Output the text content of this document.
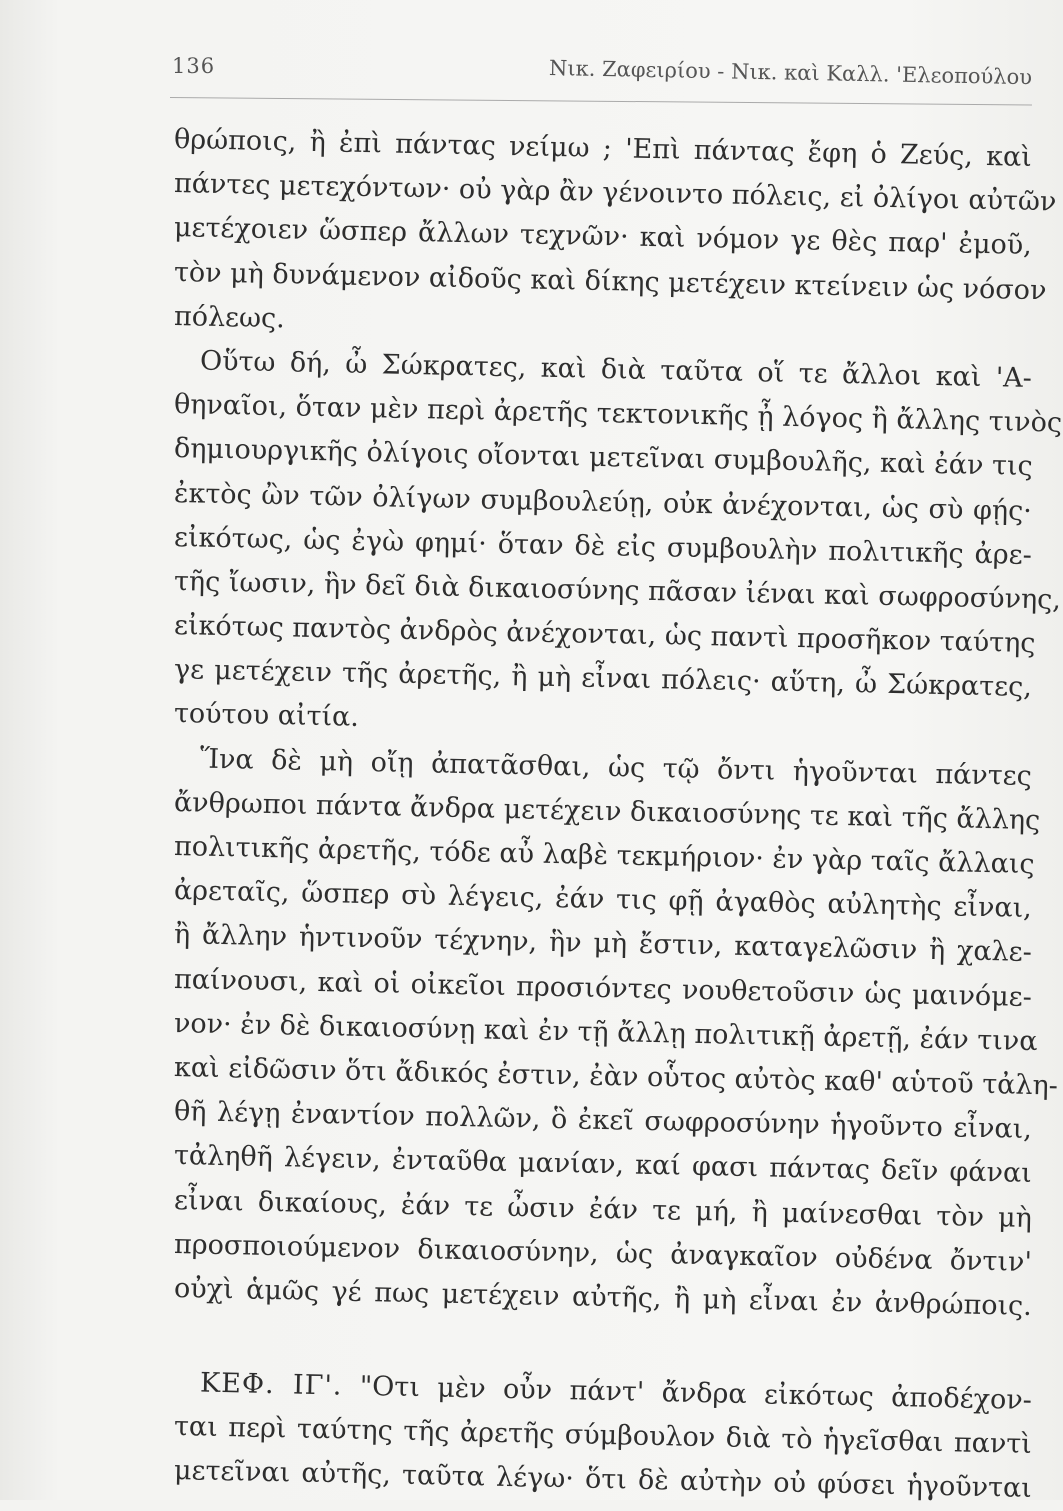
136	Νικ. Ζαφειρίου - Νικ. καὶ Καλλ. 'Ελεοπούλου
θρώποις, ἢ ἐπὶ πάντας νείμω ; 'Επὶ πάντας ἔφη ὁ Ζεύς, καὶ
πάντες μετεχόντων· οὐ γὰρ ἂν γένοιντο πόλεις, εἰ ὀλίγοι αὐτῶν
μετέχοιεν ὥσπερ ἄλλων τεχνῶν· καὶ νόμον γε θὲς παρ' ἐμοῦ,
τὸν μὴ δυνάμενον αἰδοῦς καὶ δίκης μετέχειν κτείνειν ὡς νόσον
πόλεως.
Οὕτω δή, ὦ Σώκρατες, καὶ διὰ ταῦτα οἵ τε ἄλλοι καὶ 'Α-
θηναῖοι, ὅταν μὲν περὶ ἀρετῆς τεκτονικῆς ᾖ λόγος ἢ ἄλλης τινὸς
δημιουργικῆς ὀλίγοις οἴονται μετεῖναι συμβουλῆς, καὶ ἐάν τις
ἐκτὸς ὢν τῶν ὀλίγων συμβουλεύῃ, οὐκ ἀνέχονται, ὡς σὺ φῄς·
εἰκότως, ὡς ἐγὼ φημί· ὅταν δὲ εἰς συμβουλὴν πολιτικῆς ἀρε-
τῆς ἴωσιν, ἣν δεῖ διὰ δικαιοσύνης πᾶσαν ἰέναι καὶ σωφροσύνης,
εἰκότως παντὸς ἀνδρὸς ἀνέχονται, ὡς παντὶ προσῆκον ταύτης
γε μετέχειν τῆς ἀρετῆς, ἢ μὴ εἶναι πόλεις· αὕτη, ὦ Σώκρατες,
τούτου αἰτία.
Ἵνα δὲ μὴ οἴῃ ἀπατᾶσθαι, ὡς τῷ ὄντι ἡγοῦνται πάντες
ἄνθρωποι πάντα ἄνδρα μετέχειν δικαιοσύνης τε καὶ τῆς ἄλλης
πολιτικῆς ἀρετῆς, τόδε αὖ λαβὲ τεκμήριον· ἐν γὰρ ταῖς ἄλλαις
ἀρεταῖς, ὥσπερ σὺ λέγεις, ἐάν τις φῇ ἀγαθὸς αὐλητὴς εἶναι,
ἢ ἄλλην ἡντινοῦν τέχνην, ἣν μὴ ἔστιν, καταγελῶσιν ἢ χαλε-
παίνουσι, καὶ οἱ οἰκεῖοι προσιόντες νουθετοῦσιν ὡς μαινόμε-
νον· ἐν δὲ δικαιοσύνῃ καὶ ἐν τῇ ἄλλῃ πολιτικῇ ἀρετῇ, ἐάν τινα
καὶ εἰδῶσιν ὅτι ἄδικός ἐστιν, ἐὰν οὗτος αὐτὸς καθ' αὑτοῦ τἀλη-
θῆ λέγῃ ἐναντίον πολλῶν, ὃ ἐκεῖ σωφροσύνην ἡγοῦντο εἶναι,
τἀληθῆ λέγειν, ἐνταῦθα μανίαν, καί φασι πάντας δεῖν φάναι
εἶναι δικαίους, ἐάν τε ὦσιν ἐάν τε μή, ἢ μαίνεσθαι τὸν μὴ
προσποιούμενον δικαιοσύνην, ὡς ἀναγκαῖον οὐδένα ὄντιν'
οὐχὶ ἁμῶς γέ πως μετέχειν αὐτῆς, ἢ μὴ εἶναι ἐν ἀνθρώποις.
ΚΕΦ. ΙΓ'. "Οτι μὲν οὖν πάντ' ἄνδρα εἰκότως ἀποδέχον-
ται περὶ ταύτης τῆς ἀρετῆς σύμβουλον διὰ τὸ ἡγεῖσθαι παντὶ
μετεῖναι αὐτῆς, ταῦτα λέγω· ὅτι δὲ αὐτὴν οὐ φύσει ἡγοῦνται
